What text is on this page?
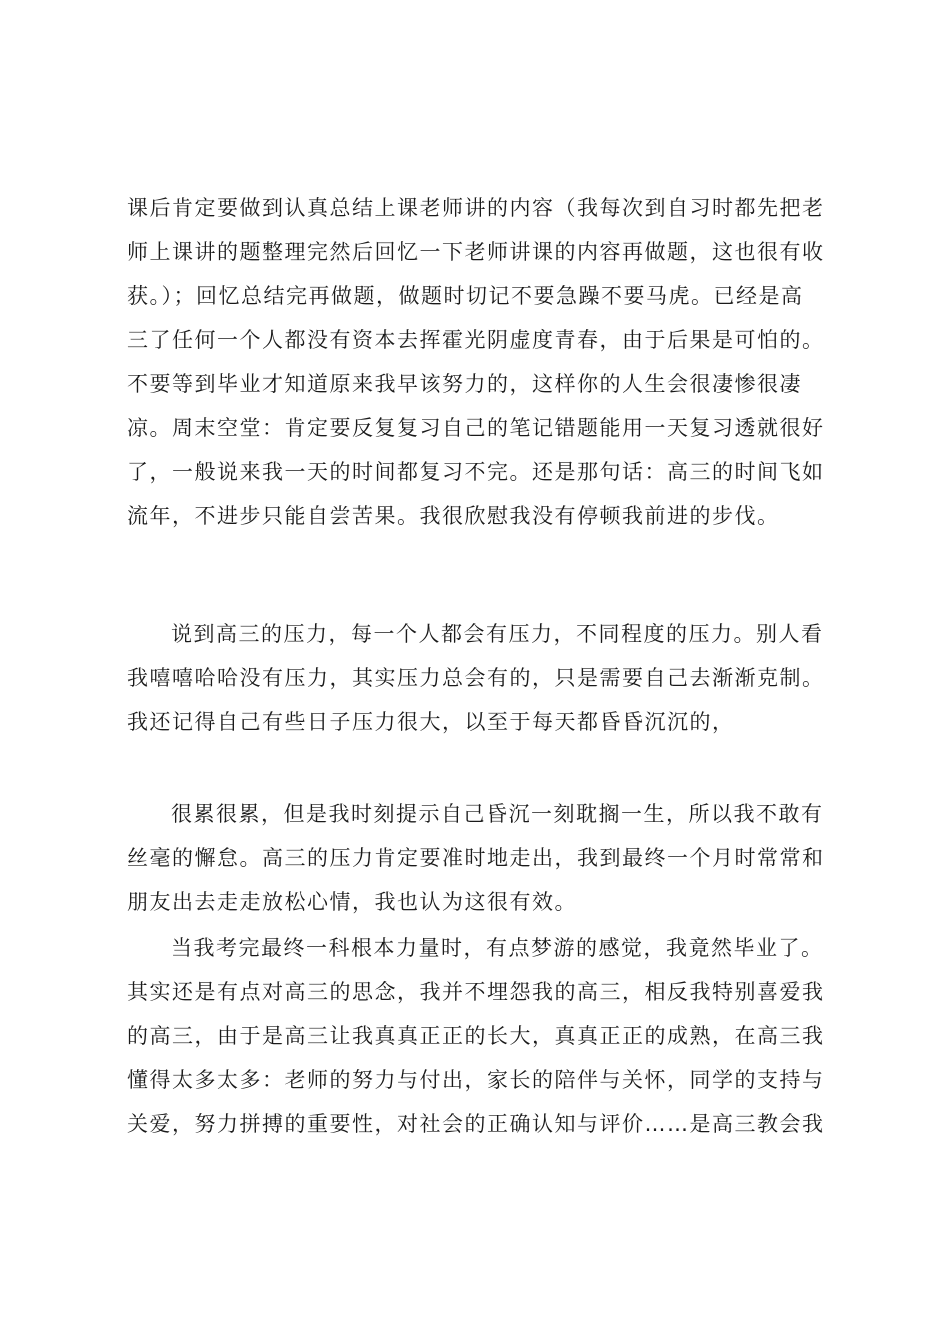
课后肯定要做到认真总结上课老师讲的内容（我每次到自习时都先把老
师上课讲的题整理完然后回忆一下老师讲课的内容再做题，这也很有收
获。）；回忆总结完再做题，做题时切记不要急躁不要马虎。已经是高
三了任何一个人都没有资本去挥霍光阴虚度青春，由于后果是可怕的。
不要等到毕业才知道原来我早该努力的，这样你的人生会很凄惨很凄
凉。周末空堂：肯定要反复复习自己的笔记错题能用一天复习透就很好
了，一般说来我一天的时间都复习不完。还是那句话：高三的时间飞如
流年，不进步只能自尝苦果。我很欣慰我没有停顿我前进的步伐。
说到高三的压力，每一个人都会有压力，不同程度的压力。别人看
我嘻嘻哈哈没有压力，其实压力总会有的，只是需要自己去渐渐克制。
我还记得自己有些日子压力很大，以至于每天都昏昏沉沉的，
很累很累，但是我时刻提示自己昏沉一刻耽搁一生，所以我不敢有
丝毫的懈怠。高三的压力肯定要准时地走出，我到最终一个月时常常和
朋友出去走走放松心情，我也认为这很有效。
当我考完最终一科根本力量时，有点梦游的感觉，我竟然毕业了。
其实还是有点对高三的思念，我并不埋怨我的高三，相反我特别喜爱我
的高三，由于是高三让我真真正正的长大，真真正正的成熟，在高三我
懂得太多太多：老师的努力与付出，家长的陪伴与关怀，同学的支持与
关爱，努力拼搏的重要性，对社会的正确认知与评价……是高三教会我
